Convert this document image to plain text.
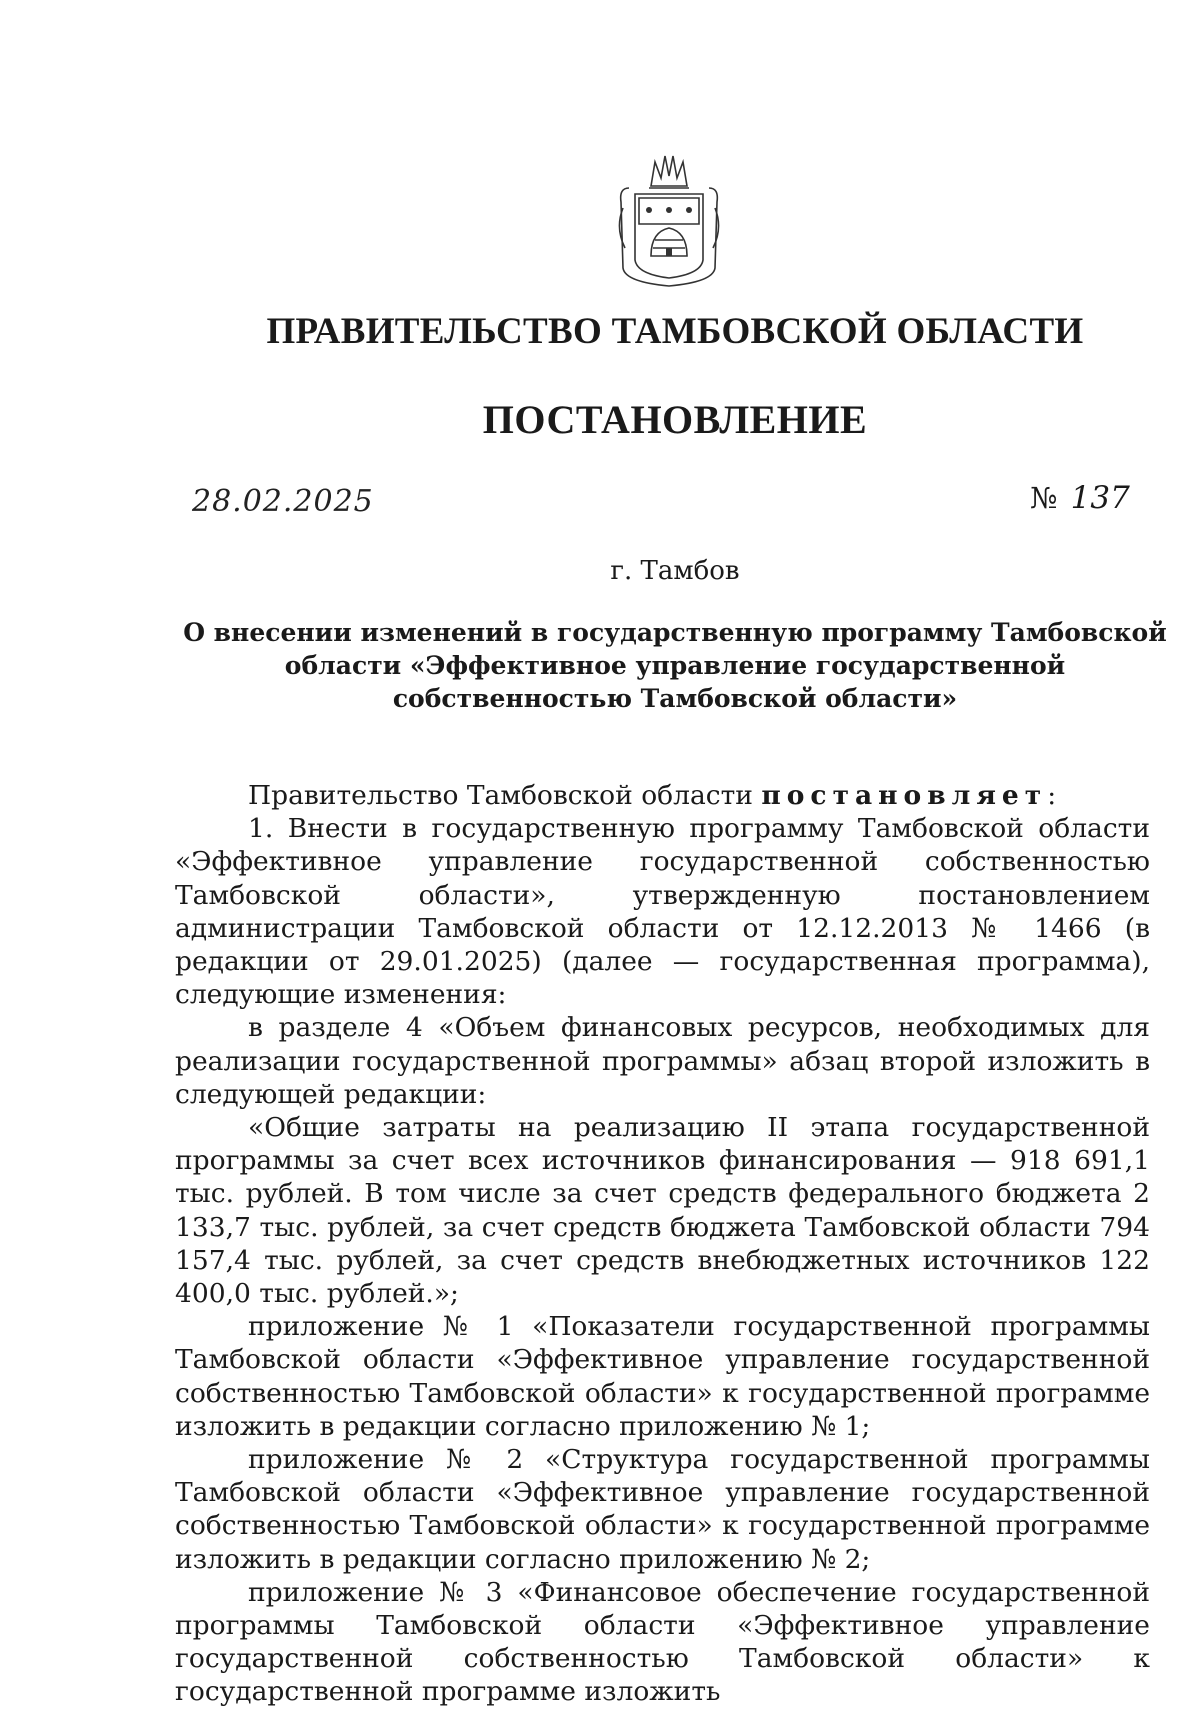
ПРАВИТЕЛЬСТВО ТАМБОВСКОЙ ОБЛАСТИ
ПОСТАНОВЛЕНИЕ
28.02.2025	№ 137
г. Тамбов
О внесении изменений в государственную программу Тамбовской области «Эффективное управление государственной собственностью Тамбовской области»

Правительство Тамбовской области постановляет:

1. Внести в государственную программу Тамбовской области «Эффективное управление государственной собственностью Тамбовской области», утвержденную постановлением администрации Тамбовской области от 12.12.2013 № 1466 (в редакции от 29.01.2025) (далее — государственная программа), следующие изменения:

в разделе 4 «Объем финансовых ресурсов, необходимых для реализации государственной программы» абзац второй изложить в следующей редакции:

«Общие затраты на реализацию II этапа государственной программы за счет всех источников финансирования — 918 691,1 тыс. рублей. В том числе за счет средств федерального бюджета 2 133,7 тыс. рублей, за счет средств бюджета Тамбовской области 794 157,4 тыс. рублей, за счет средств внебюджетных источников 122 400,0 тыс. рублей.»;

приложение № 1 «Показатели государственной программы Тамбовской области «Эффективное управление государственной собственностью Тамбовской области» к государственной программе изложить в редакции согласно приложению № 1;

приложение № 2 «Структура государственной программы Тамбовской области «Эффективное управление государственной собственностью Тамбовской области» к государственной программе изложить в редакции согласно приложению № 2;

приложение № 3 «Финансовое обеспечение государственной программы Тамбовской области «Эффективное управление государственной собственностью Тамбовской области» к государственной программе изложить
